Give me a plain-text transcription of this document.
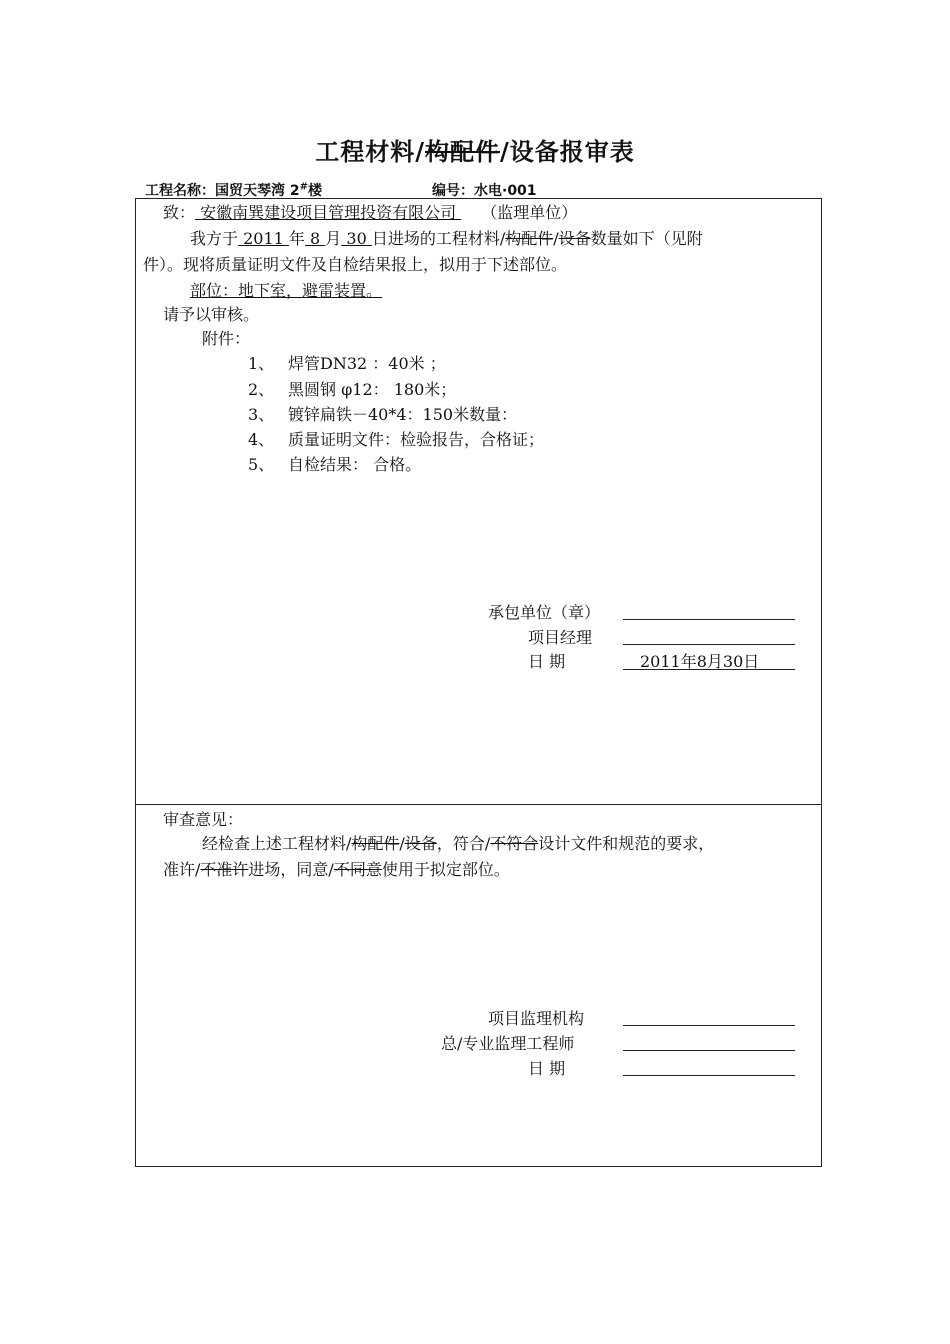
工程材料/构配件/设备报审表
工程名称：国贸天琴湾 2#楼	编号：水电·001
致： 安徽南巽建设项目管理投资有限公司 （监理单位）
我方于 2011 年 8 月 30 日进场的工程材料/构配件/设备数量如下（见附
件）。现将质量证明文件及自检结果报上，拟用于下述部位。
部位：地下室，避雷装置。
请予以审核。
附件：
1、 焊管DN32 ：40米 ；
2、 黑圆钢 φ12： 180米；
3、 镀锌扁铁－40*4：150米数量：
4、 质量证明文件：检验报告，合格证；
5、 自检结果： 合格。
承包单位（章）
项目经理
日 期	2011年8月30日
审查意见：
经检查上述工程材料/构配件/设备，符合/不符合设计文件和规范的要求，
准许/不准许进场，同意/不同意使用于拟定部位。
项目监理机构
总/专业监理工程师
日 期
